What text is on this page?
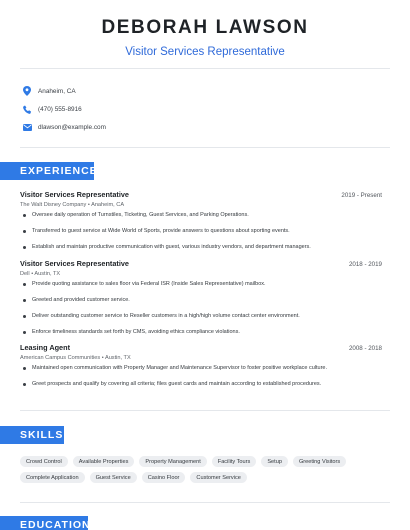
DEBORAH LAWSON
Visitor Services Representative
Anaheim, CA
(470) 555-8916
dlawson@example.com
EXPERIENCE
Visitor Services Representative	2019 - Present
The Walt Disney Company • Anaheim, CA
Oversee daily operation of Turnstiles, Ticketing, Guest Services, and Parking Operations.
Transferred to guest service at Wide World of Sports, provide answers to questions about sporting events.
Establish and maintain productive communication with guest, various industry vendors, and department managers.
Visitor Services Representative	2018 - 2019
Dell • Austin, TX
Provide quoting assistance to sales floor via Federal ISR (Inside Sales Representative) mailbox.
Greeted and provided customer service.
Deliver outstanding customer service to Reseller customers in a high/high volume contact center environment.
Enforce timeliness standards set forth by CMS, avoiding ethics compliance violations.
Leasing Agent	2008 - 2018
American Campus Communities • Austin, TX
Maintained open communication with Property Manager and Maintenance Supervisor to foster positive workplace culture.
Greet prospects and qualify by covering all criteria; files guest cards and maintain according to established procedures.
SKILLS
Crowd Control	Available Properties	Property Management	Facility Tours	Setup	Greeting Visitors
Complete Application	Guest Service	Casino Floor	Customer Service
EDUCATION
